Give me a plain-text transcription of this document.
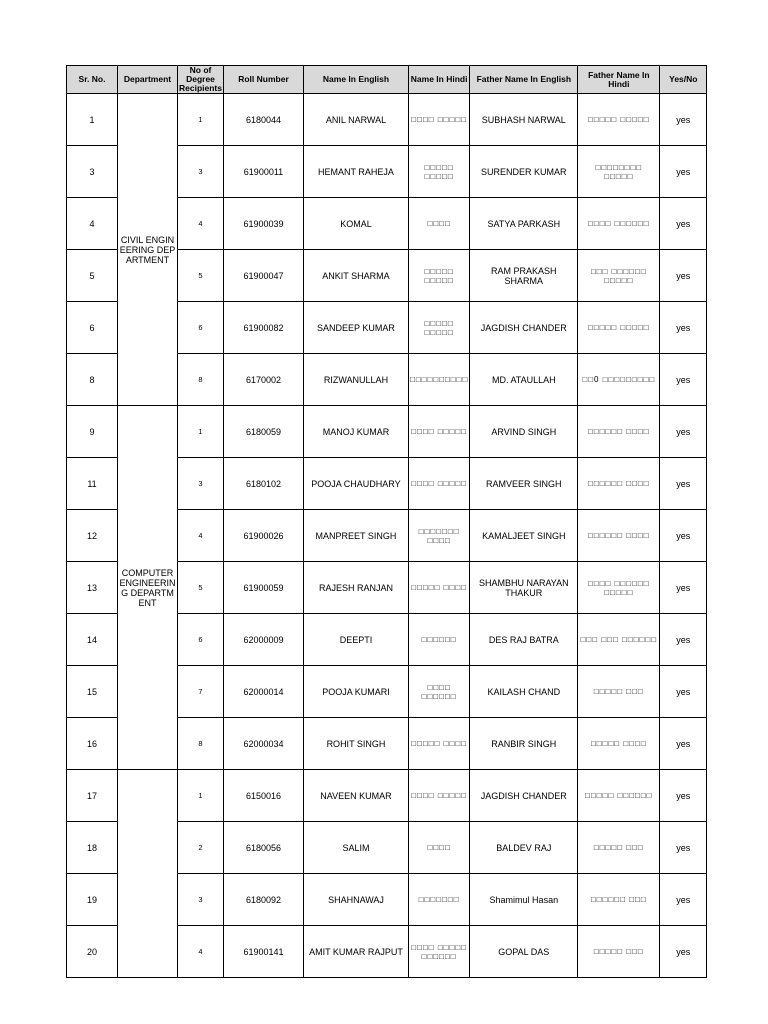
Sr. No.	Department	No of Degree Recipients	Roll Number	Name In English	Name In Hindi	Father Name In English	Father Name In Hindi	Yes/No
1	CIVIL ENGINEERING DEPARTMENT	1	6180044	ANIL NARWAL	□□□□ □□□□□	SUBHASH NARWAL	□□□□□ □□□□□	yes
3		3	61900011	HEMANT RAHEJA	□□□□□ □□□□□	SURENDER KUMAR	□□□□□□□□ □□□□□	yes
4		4	61900039	KOMAL	□□□□	SATYA PARKASH	□□□□ □□□□□□	yes
5		5	61900047	ANKIT SHARMA	□□□□□ □□□□□	RAM PRAKASH SHARMA	□□□ □□□□□□ □□□□□	yes
6		6	61900082	SANDEEP KUMAR	□□□□□ □□□□□	JAGDISH CHANDER	□□□□□ □□□□□	yes
8		8	6170002	RIZWANULLAH	□□□□□□□□□□	MD. ATAULLAH	□□0 □□□□□□□□□	yes
9	COMPUTER ENGINEERING DEPARTMENT	1	6180059	MANOJ KUMAR	□□□□ □□□□□	ARVIND SINGH	□□□□□□ □□□□	yes
11		3	6180102	POOJA CHAUDHARY	□□□□ □□□□□	RAMVEER SINGH	□□□□□□ □□□□	yes
12		4	61900026	MANPREET SINGH	□□□□□□□ □□□□	KAMALJEET SINGH	□□□□□□ □□□□	yes
13		5	61900059	RAJESH RANJAN	□□□□□ □□□□	SHAMBHU NARAYAN THAKUR	□□□□ □□□□□□ □□□□□	yes
14		6	62000009	DEEPTI	□□□□□□	DES RAJ BATRA	□□□ □□□ □□□□□□	yes
15		7	62000014	POOJA KUMARI	□□□□ □□□□□□	KAILASH CHAND	□□□□□ □□□	yes
16		8	62000034	ROHIT SINGH	□□□□□ □□□□	RANBIR SINGH	□□□□□ □□□□	yes
17		1	6150016	NAVEEN KUMAR	□□□□ □□□□□	JAGDISH CHANDER	□□□□□ □□□□□□	yes
18		2	6180056	SALIM	□□□□	BALDEV RAJ	□□□□□ □□□	yes
19		3	6180092	SHAHNAWAJ	□□□□□□□	Shamimul Hasan	□□□□□□ □□□	yes
20		4	61900141	AMIT KUMAR RAJPUT	□□□□ □□□□□ □□□□□□	GOPAL DAS	□□□□□ □□□	yes
